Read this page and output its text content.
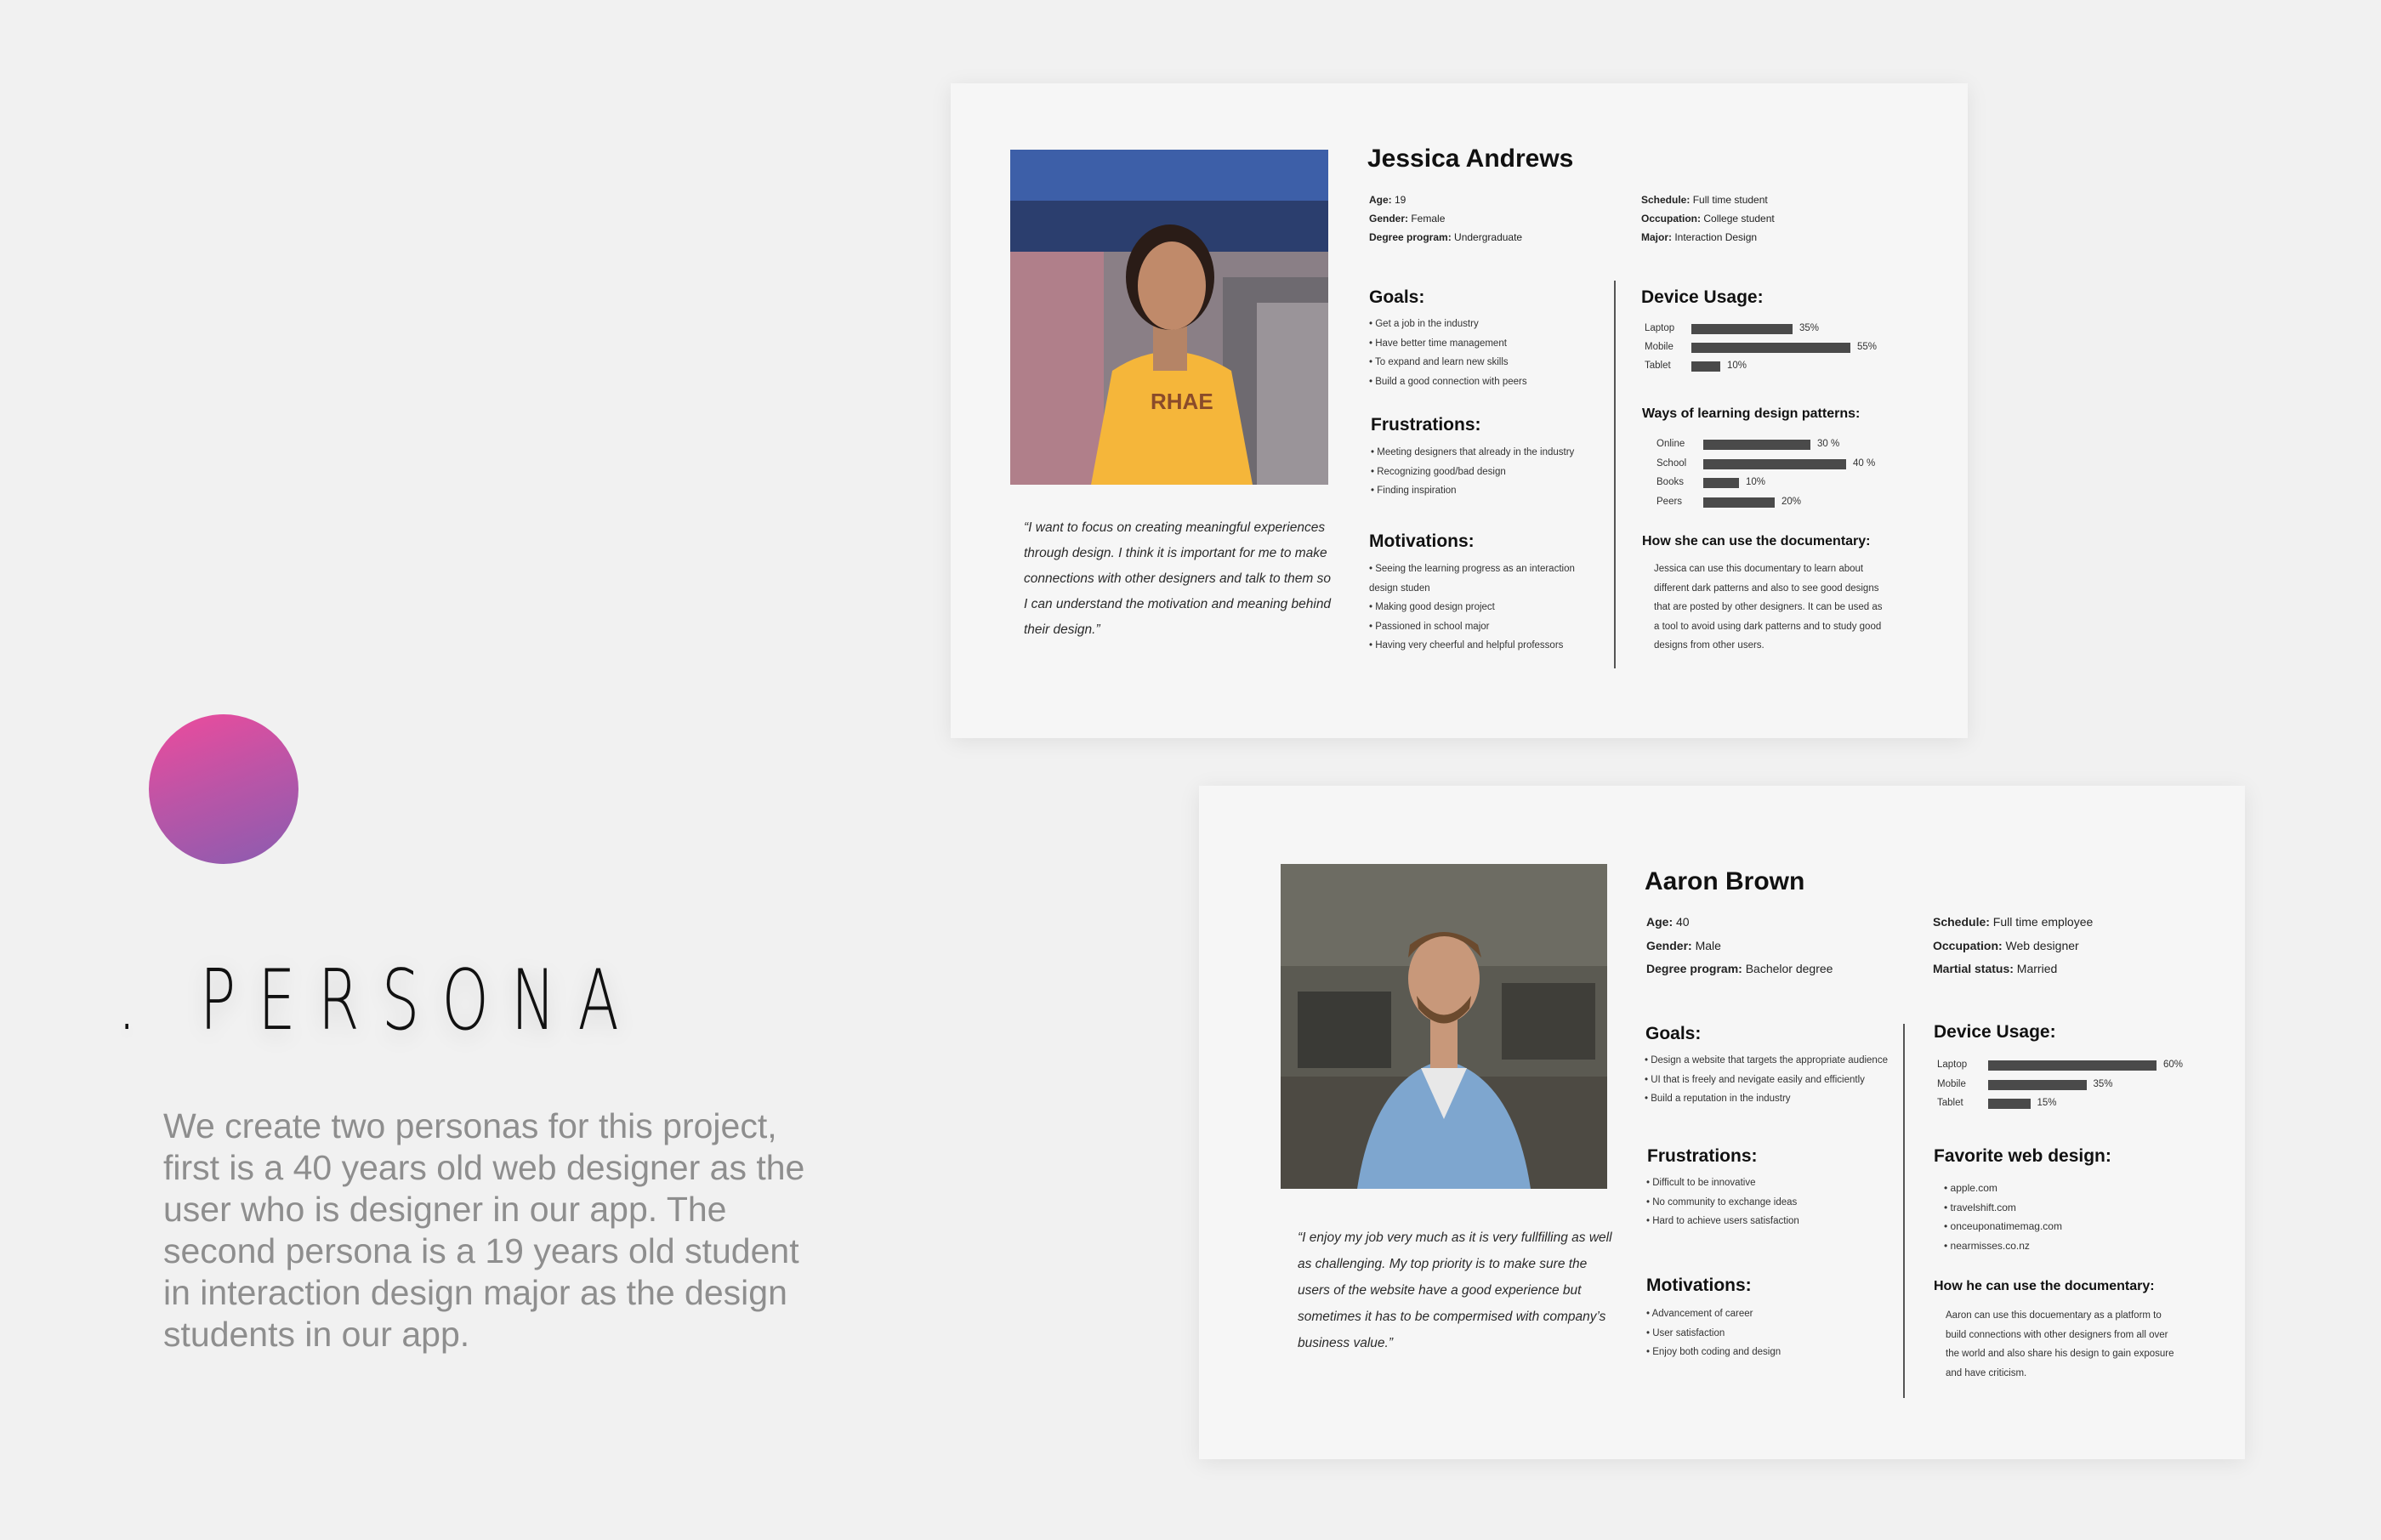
. PERSONA
We create two personas for this project, first is a 40 years old web designer as the user who is designer in our app. The second persona is a 19 years old student in interaction design major as the design students in our app.
RHAE
“I want to focus on creating meaningful experiences through design. I think it is important for me to make connections with other designers and talk to them so I can understand the motivation and meaning behind their design.”
Jessica Andrews
Age: 19
Gender: Female
Degree program: Undergraduate
Schedule: Full time student
Occupation: College student
Major: Interaction Design
Goals:
• Get a job in the industry
• Have better time management
• To expand and learn new skills
• Build a good connection with peers
Frustrations:
• Meeting designers that already in the industry
• Recognizing good/bad design
• Finding inspiration
Motivations:
• Seeing the learning progress as an interaction design studen
• Making good design project
• Passioned in school major
• Having very cheerful and helpful professors
Device Usage:
Laptop	35%
Mobile	55%
Tablet	10%
Ways of learning design patterns:
Online	30 %
School	40 %
Books	10%
Peers	20%
How she can use the documentary:
Jessica can use this documentary to learn about different dark patterns and also to see good designs that are posted by other designers. It can be used as a tool to avoid using dark patterns and to study good designs from other users.
“I enjoy my job very much as it is very fullfilling as well as challenging. My top priority is to make sure the users of the website have a good experience but sometimes it has to be compermised with company’s business value.”
Aaron Brown
Age: 40
Gender: Male
Degree program: Bachelor degree
Schedule: Full time employee
Occupation: Web designer
Martial status: Married
Goals:
• Design a website that targets the appropriate audience
• UI that is freely and nevigate easily and efficiently
• Build a reputation in the industry
Frustrations:
• Difficult to be innovative
• No community to exchange ideas
• Hard to achieve users satisfaction
Motivations:
• Advancement of career
• User satisfaction
• Enjoy both coding and design
Device Usage:
Laptop	60%
Mobile	35%
Tablet	15%
Favorite web design:
• apple.com
• travelshift.com
• onceuponatimemag.com
• nearmisses.co.nz
How he can use the documentary:
Aaron can use this docuementary as a platform to build connections with other designers from all over the world and also share his design to gain exposure and have criticism.
